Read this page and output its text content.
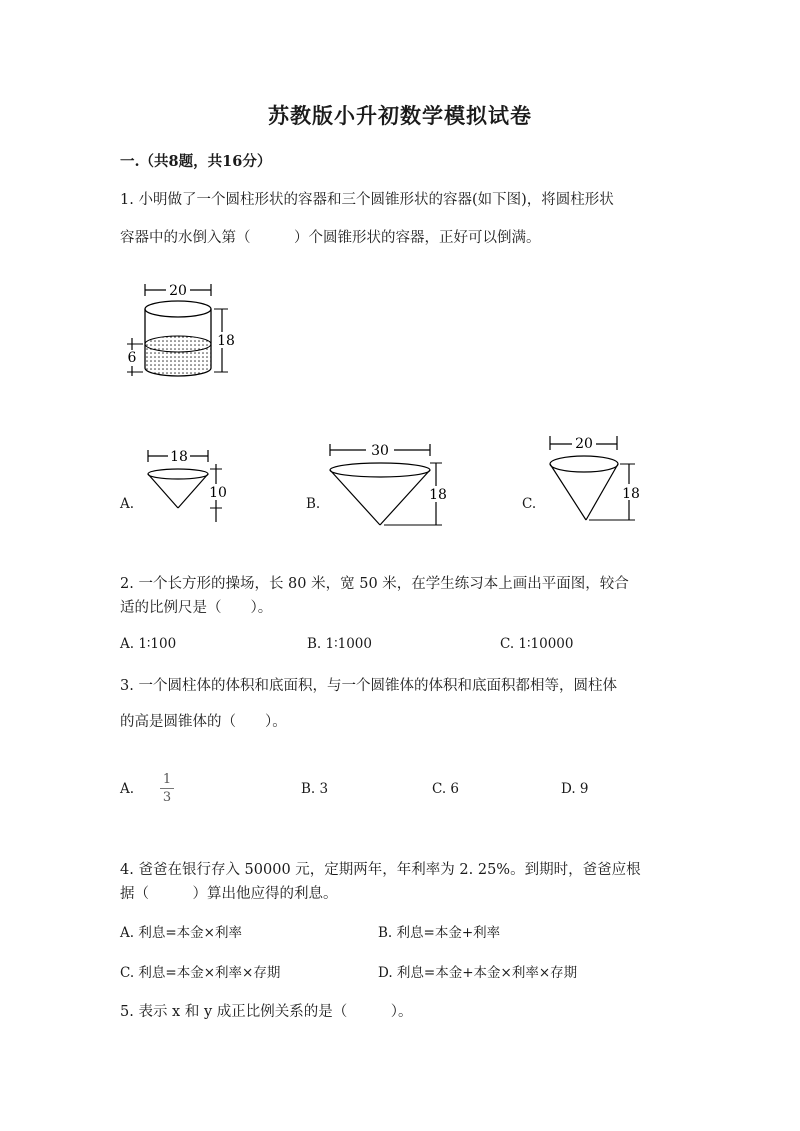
苏教版小升初数学模拟试卷
一.（共8题，共16分）
1. 小明做了一个圆柱形状的容器和三个圆锥形状的容器(如下图)，将圆柱形状
容器中的水倒入第（　　　）个圆锥形状的容器，正好可以倒满。
20
18
6
A.
18
10
B.
30
18
C.
20
18
2. 一个长方形的操场，长 80 米，宽 50 米，在学生练习本上画出平面图，较合
适的比例尺是（　　）。
A. 1∶100	B. 1∶1000	C. 1∶10000
3. 一个圆柱体的体积和底面积，与一个圆锥体的体积和底面积都相等，圆柱体
的高是圆锥体的（　　）。
A.
1
3
B. 3	C. 6	D. 9
4. 爸爸在银行存入 50000 元，定期两年，年利率为 2. 25%。到期时，爸爸应根
据（　　　）算出他应得的利息。
A. 利息=本金×利率	B. 利息=本金+利率
C. 利息=本金×利率×存期	D. 利息=本金+本金×利率×存期
5. 表示 x 和 y 成正比例关系的是（　　　）。
